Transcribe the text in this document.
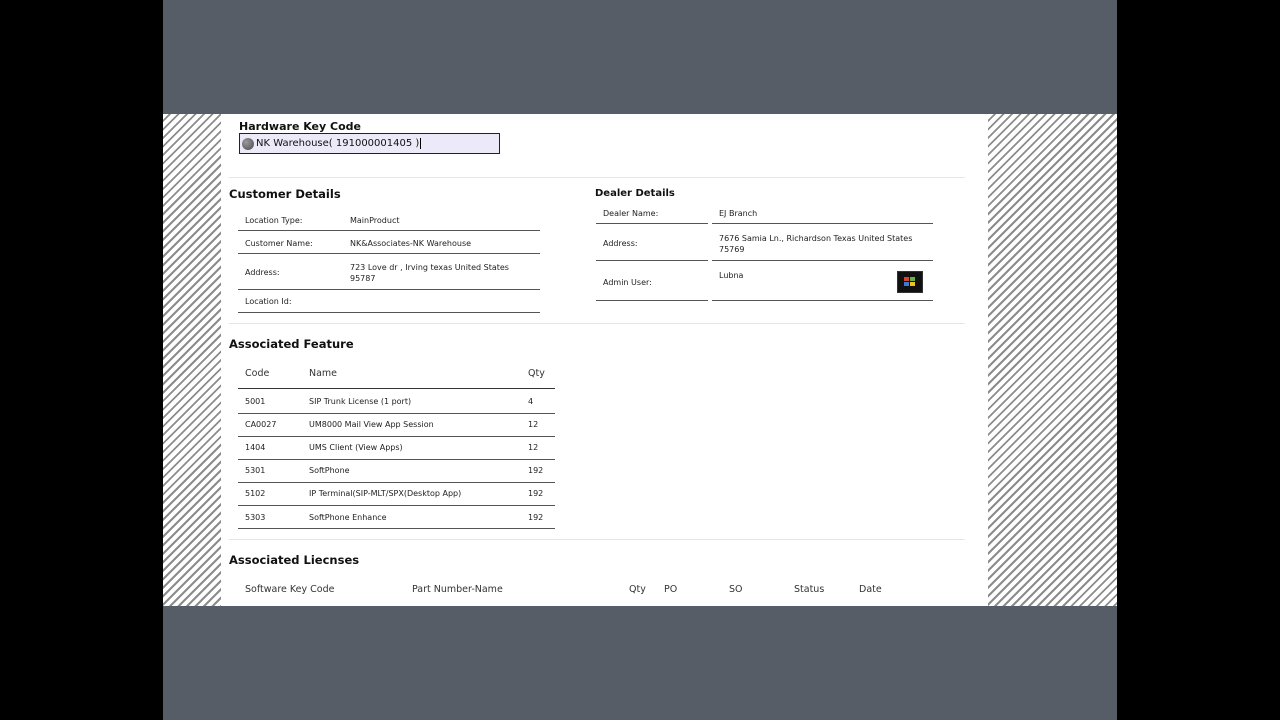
Hardware Key Code
NK Warehouse( 191000001405 )
Customer Details
Location Type:	MainProduct
Customer Name:	NK&Associates-NK Warehouse
Address:
723 Love dr , Irving texas United States 95787
Location Id:
Dealer Details
Dealer Name:	EJ Branch
Address:
7676 Samia Ln., Richardson Texas United States 75769
Admin User:
Lubna
Associated Feature
Code	Name	Qty
5001	SIP Trunk License (1 port)	4
CA0027	UM8000 Mail View App Session	12
1404	UMS Client (View Apps)	12
5301	SoftPhone	192
5102	IP Terminal(SIP-MLT/SPX(Desktop App)	192
5303	SoftPhone Enhance	192
Associated Liecnses
Software Key Code	Part Number-Name	Qty PO	SO	Status	Date
